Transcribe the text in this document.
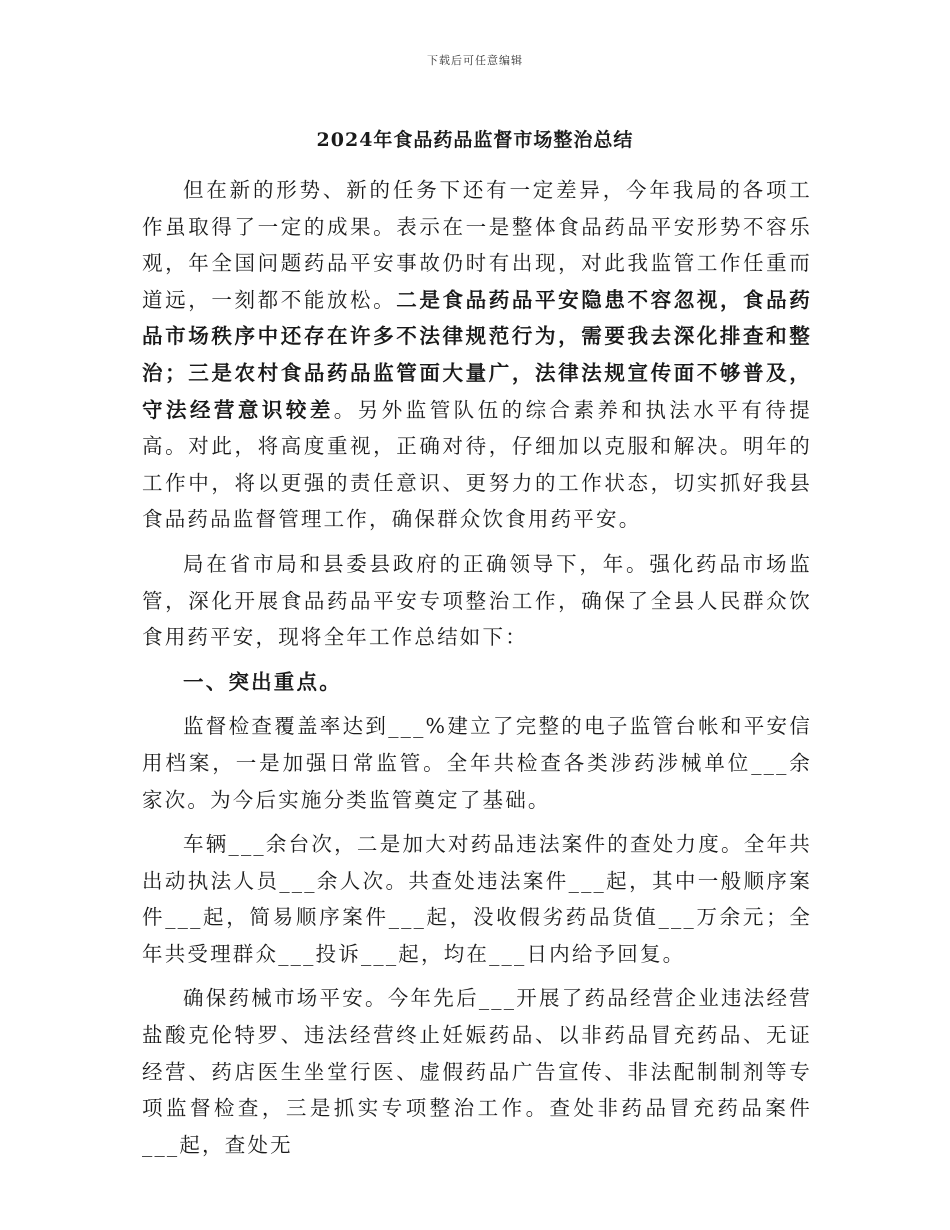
下载后可任意编辑
2024年食品药品监督市场整治总结

但在新的形势、新的任务下还有一定差异，今年我局的各项工作虽取得了一定的成果。表示在一是整体食品药品平安形势不容乐观，年全国问题药品平安事故仍时有出现，对此我监管工作任重而道远，一刻都不能放松。二是食品药品平安隐患不容忽视，食品药品市场秩序中还存在许多不法律规范行为，需要我去深化排查和整治；三是农村食品药品监管面大量广，法律法规宣传面不够普及，守法经营意识较差。另外监管队伍的综合素养和执法水平有待提高。对此，将高度重视，正确对待，仔细加以克服和解决。明年的工作中，将以更强的责任意识、更努力的工作状态，切实抓好我县食品药品监督管理工作，确保群众饮食用药平安。

局在省市局和县委县政府的正确领导下，年。强化药品市场监管，深化开展食品药品平安专项整治工作，确保了全县人民群众饮食用药平安，现将全年工作总结如下：

一、突出重点。

监督检查覆盖率达到___%建立了完整的电子监管台帐和平安信用档案，一是加强日常监管。全年共检查各类涉药涉械单位___余家次。为今后实施分类监管奠定了基础。

车辆___余台次，二是加大对药品违法案件的查处力度。全年共出动执法人员___余人次。共查处违法案件___起，其中一般顺序案件___起，简易顺序案件___起，没收假劣药品货值___万余元；全年共受理群众___投诉___起，均在___日内给予回复。

确保药械市场平安。今年先后___开展了药品经营企业违法经营盐酸克伦特罗、违法经营终止妊娠药品、以非药品冒充药品、无证经营、药店医生坐堂行医、虚假药品广告宣传、非法配制制剂等专项监督检查，三是抓实专项整治工作。查处非药品冒充药品案件___起，查处无
